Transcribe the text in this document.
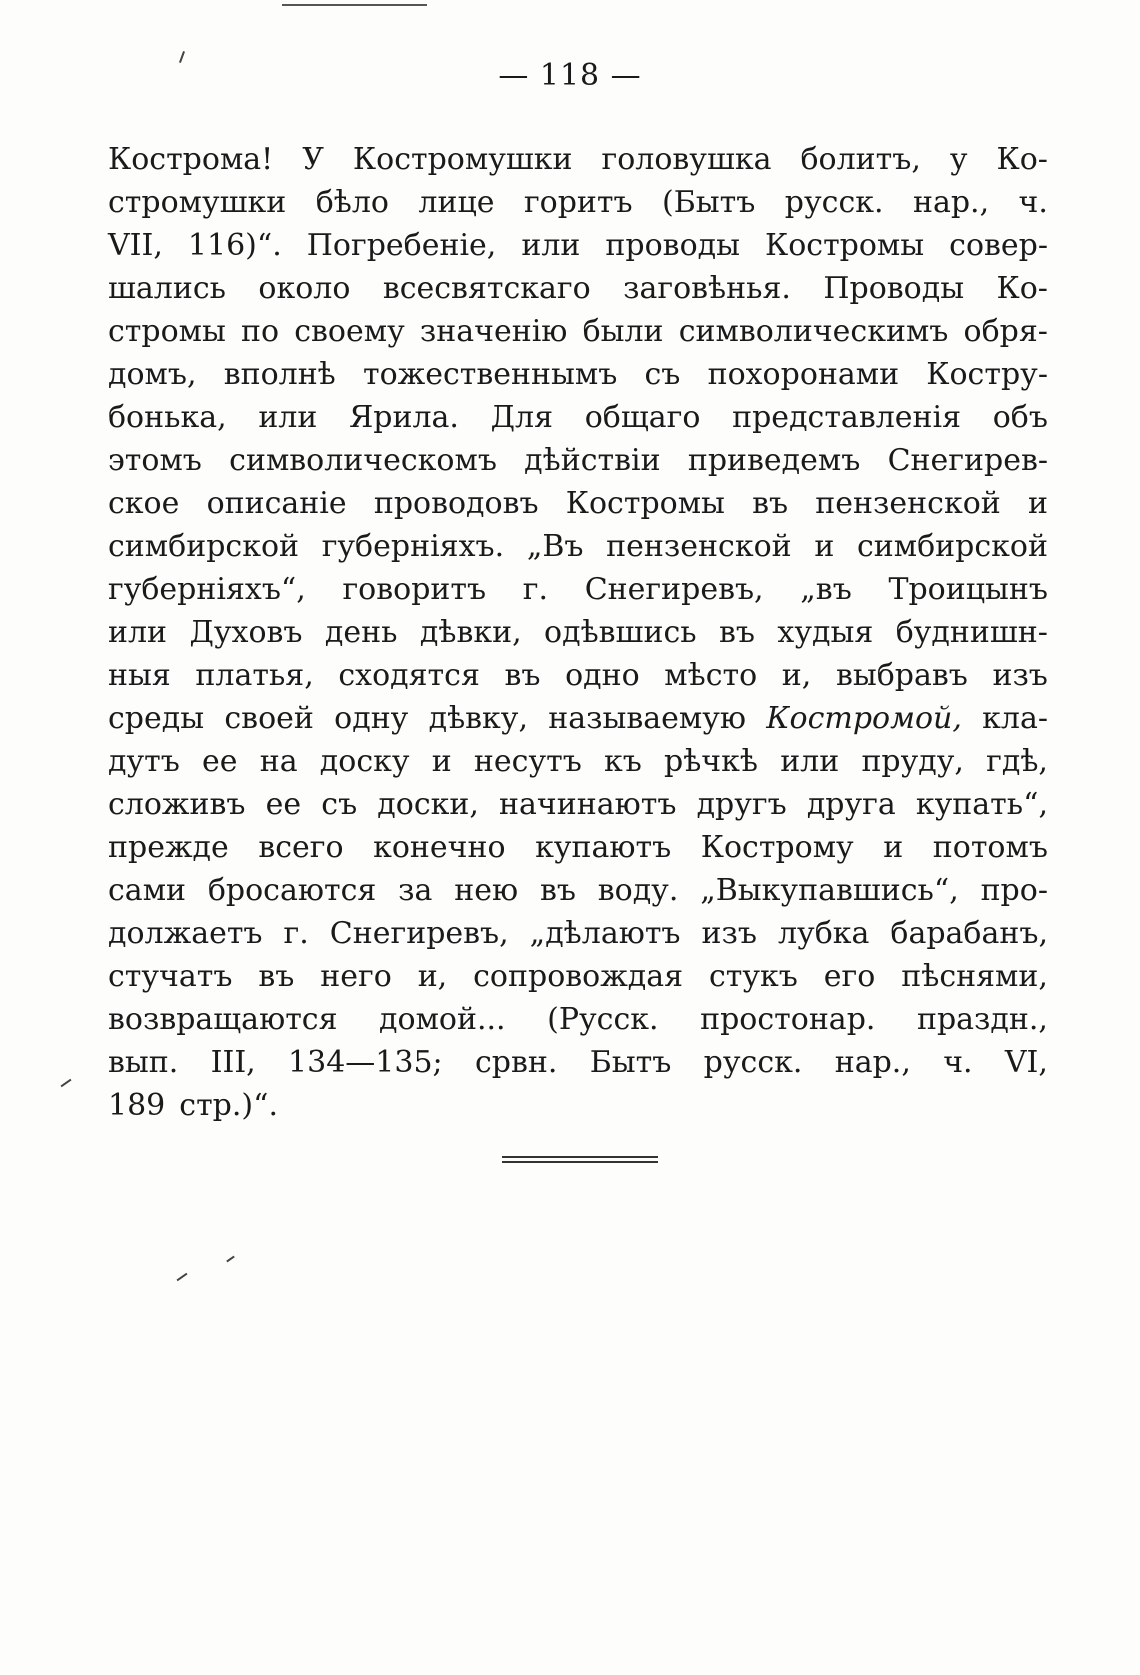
— 118 —
Кострома! У Костромушки головушка болитъ, у Ко-
стромушки бѣло лице горитъ (Бытъ русск. нар., ч.
VII, 116)“. Погребеніе, или проводы Костромы совер-
шались около всесвятскаго заговѣнья. Проводы Ко-
стромы по своему значенію были символическимъ обря-
домъ, вполнѣ тожественнымъ съ похоронами Костру-
бонька, или Ярила. Для общаго представленія объ
этомъ символическомъ дѣйствіи приведемъ Снегирев-
ское описаніе проводовъ Костромы въ пензенской и
симбирской губерніяхъ. „Въ пензенской и симбирской
губерніяхъ“, говоритъ г. Снегиревъ, „въ Троицынъ
или Духовъ день дѣвки, одѣвшись въ худыя буднишн-
ныя платья, сходятся въ одно мѣсто и, выбравъ изъ
среды своей одну дѣвку, называемую Костромой, кла-
дутъ ее на доску и несутъ къ рѣчкѣ или пруду, гдѣ,
сложивъ ее съ доски, начинаютъ другъ друга купать“,
прежде всего конечно купаютъ Кострому и потомъ
сами бросаются за нею въ воду. „Выкупавшись“, про-
должаетъ г. Снегиревъ, „дѣлаютъ изъ лубка барабанъ,
стучатъ въ него и, сопровождая стукъ его пѣснями,
возвращаются домой... (Русск. простонар. праздн.,
вып. III, 134—135; срвн. Бытъ русск. нар., ч. VI,
189 стр.)“.
